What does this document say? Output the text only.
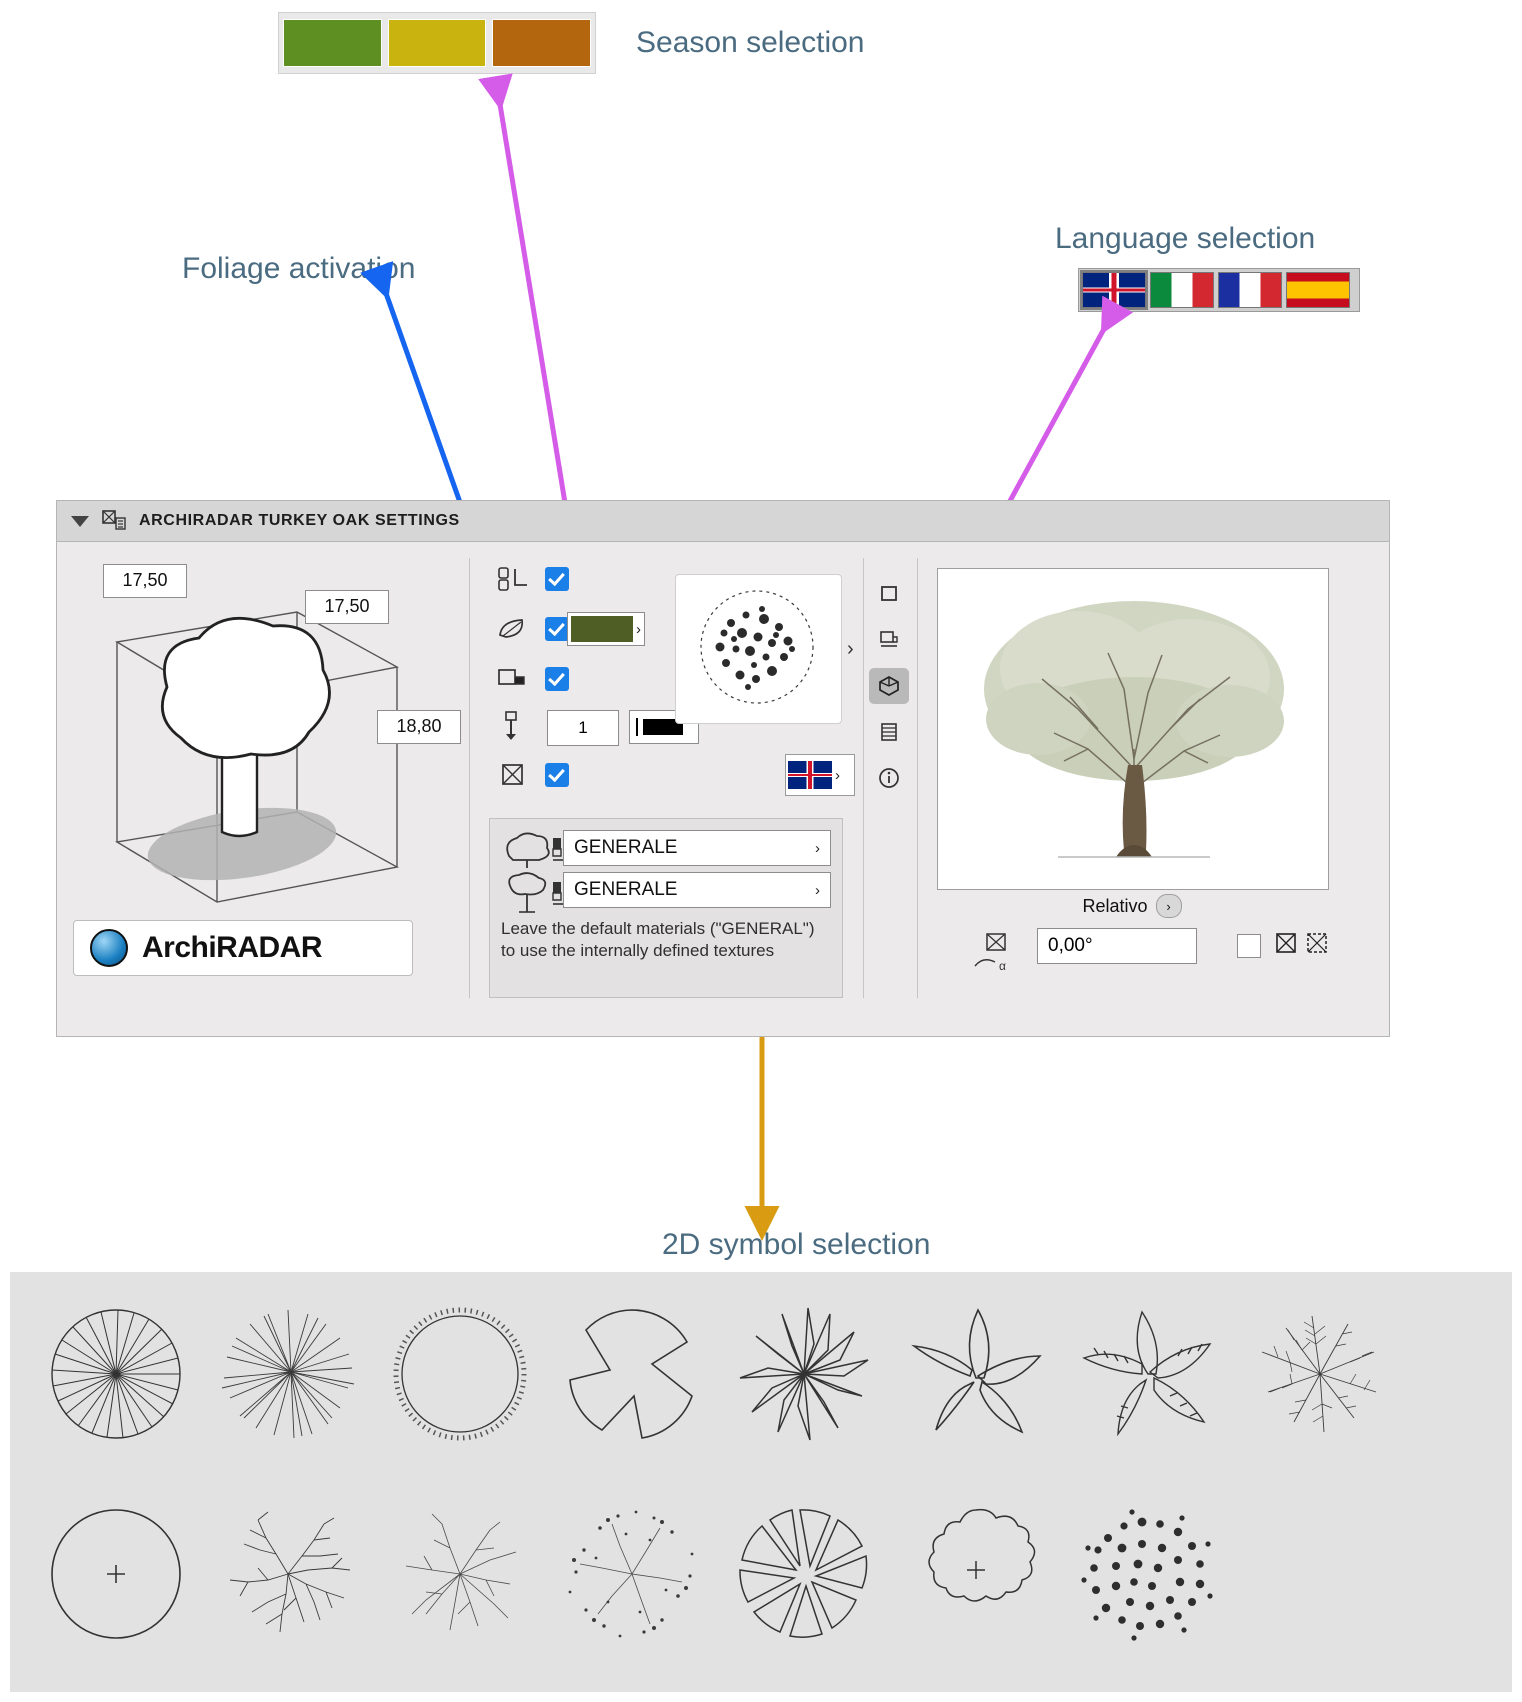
Season selection
Language selection
Foliage activation
ARCHIRADAR TURKEY OAK SETTINGS
17,50
17,50
18,80	1
›
GENERALE	›
GENERALE	›
Leave the default materials ("GENERAL") to use the internally defined textures
›
›
ArchiRADAR
Relativo	›
α
0,00°
2D symbol selection
